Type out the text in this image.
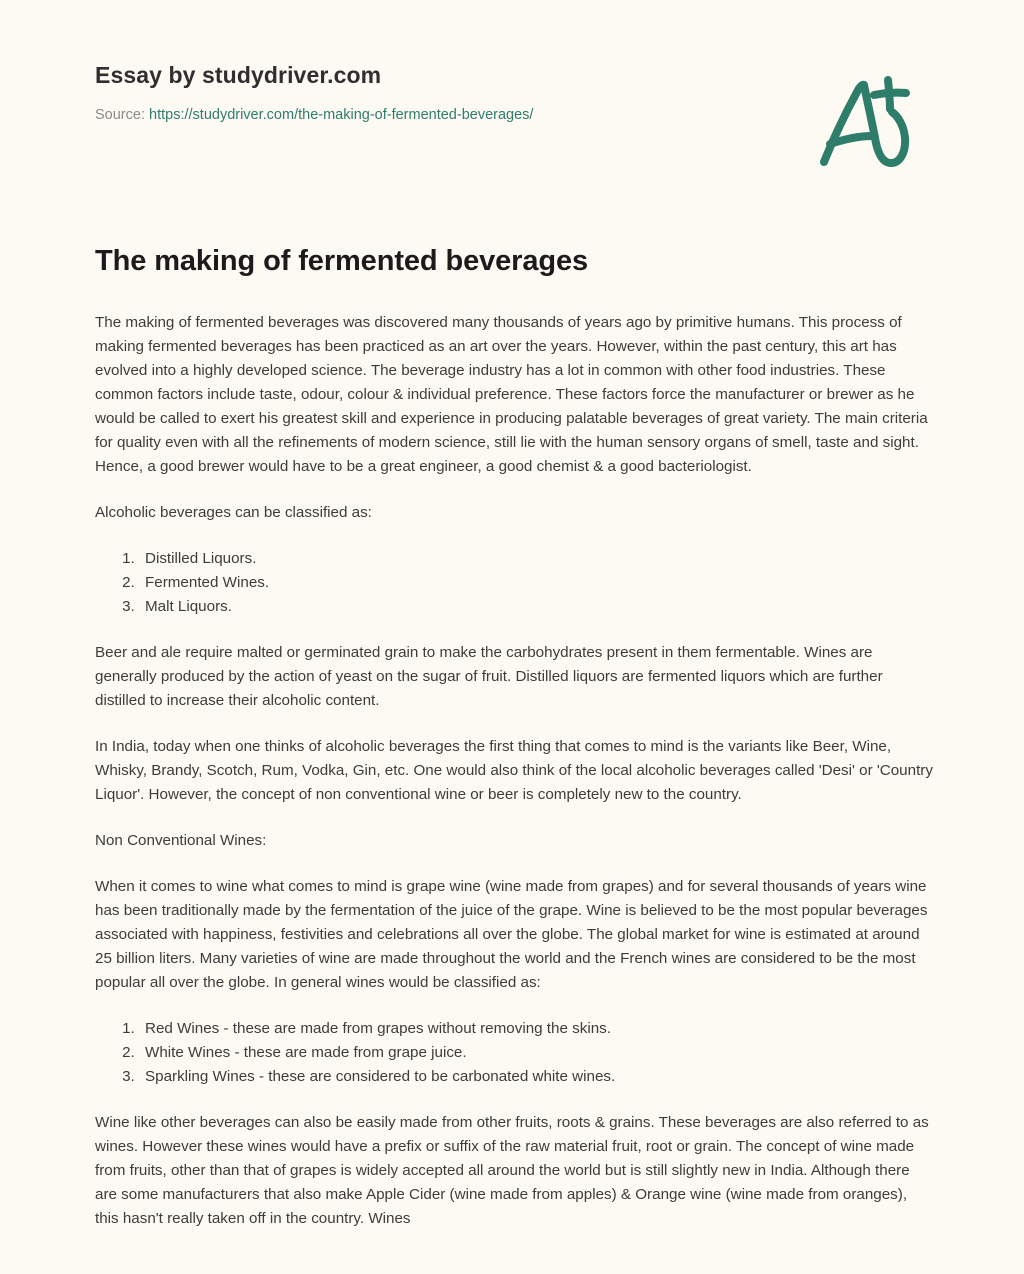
Essay by studydriver.com
Source: https://studydriver.com/the-making-of-fermented-beverages/
The making of fermented beverages

The making of fermented beverages was discovered many thousands of years ago by primitive humans. This process of making fermented beverages has been practiced as an art over the years. However, within the past century, this art has evolved into a highly developed science. The beverage industry has a lot in common with other food industries. These common factors include taste, odour, colour & individual preference. These factors force the manufacturer or brewer as he would be called to exert his greatest skill and experience in producing palatable beverages of great variety. The main criteria for quality even with all the refinements of modern science, still lie with the human sensory organs of smell, taste and sight. Hence, a good brewer would have to be a great engineer, a good chemist & a good bacteriologist.

Alcoholic beverages can be classified as:

1. Distilled Liquors.
2. Fermented Wines.
3. Malt Liquors.

Beer and ale require malted or germinated grain to make the carbohydrates present in them fermentable. Wines are generally produced by the action of yeast on the sugar of fruit. Distilled liquors are fermented liquors which are further distilled to increase their alcoholic content.

In India, today when one thinks of alcoholic beverages the first thing that comes to mind is the variants like Beer, Wine, Whisky, Brandy, Scotch, Rum, Vodka, Gin, etc. One would also think of the local alcoholic beverages called 'Desi' or 'Country Liquor'. However, the concept of non conventional wine or beer is completely new to the country.

Non Conventional Wines:

When it comes to wine what comes to mind is grape wine (wine made from grapes) and for several thousands of years wine has been traditionally made by the fermentation of the juice of the grape. Wine is believed to be the most popular beverages associated with happiness, festivities and celebrations all over the globe. The global market for wine is estimated at around 25 billion liters. Many varieties of wine are made throughout the world and the French wines are considered to be the most popular all over the globe. In general wines would be classified as:

1. Red Wines - these are made from grapes without removing the skins.
2. White Wines - these are made from grape juice.
3. Sparkling Wines - these are considered to be carbonated white wines.

Wine like other beverages can also be easily made from other fruits, roots & grains. These beverages are also referred to as wines. However these wines would have a prefix or suffix of the raw material fruit, root or grain. The concept of wine made from fruits, other than that of grapes is widely accepted all around the world but is still slightly new in India. Although there are some manufacturers that also make Apple Cider (wine made from apples) & Orange wine (wine made from oranges), this hasn't really taken off in the country. Wines
